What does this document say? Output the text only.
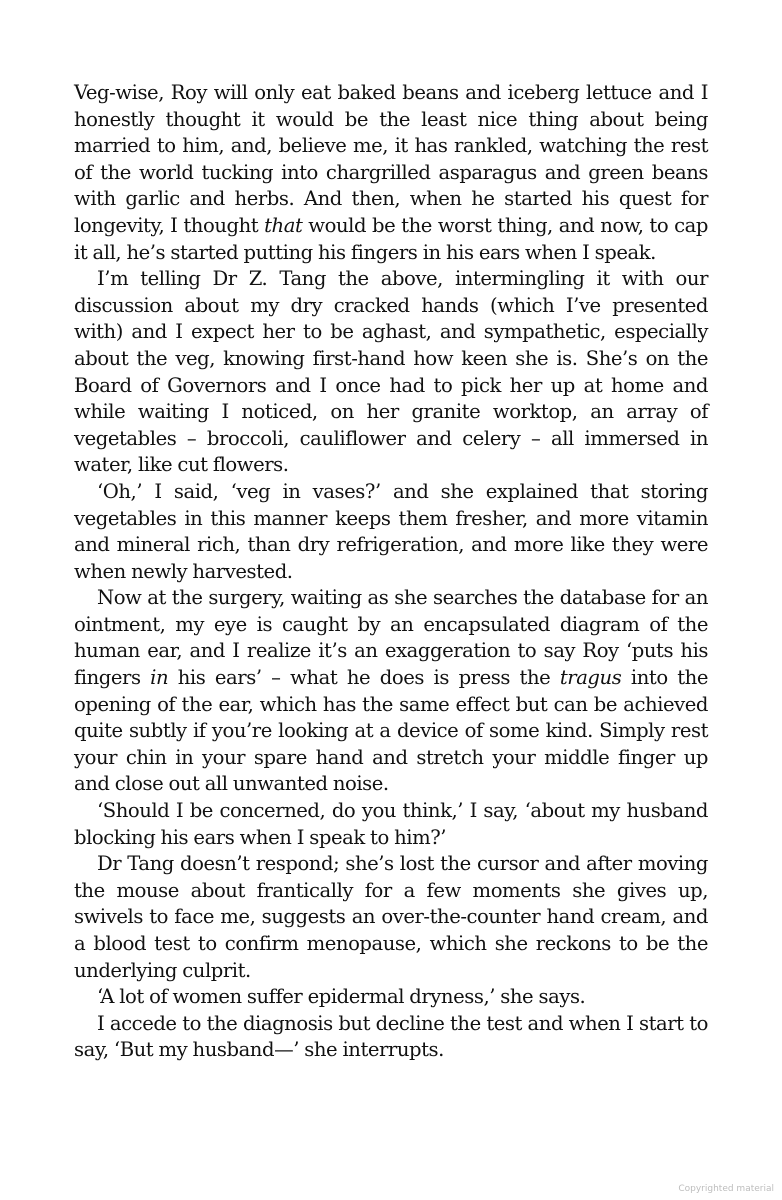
Veg-wise, Roy will only eat baked beans and iceberg lettuce and I honestly thought it would be the least nice thing about being married to him, and, believe me, it has rankled, watching the rest of the world tucking into chargrilled asparagus and green beans with garlic and herbs. And then, when he started his quest for longevity, I thought that would be the worst thing, and now, to cap it all, he’s started putting his fingers in his ears when I speak.

I’m telling Dr Z. Tang the above, intermingling it with our discussion about my dry cracked hands (which I’ve presented with) and I expect her to be aghast, and sympathetic, especially about the veg, knowing first-hand how keen she is. She’s on the Board of Governors and I once had to pick her up at home and while waiting I noticed, on her granite worktop, an array of vegetables – broccoli, cauliflower and celery – all immersed in water, like cut flowers.

‘Oh,’ I said, ‘veg in vases?’ and she explained that storing vegetables in this manner keeps them fresher, and more vitamin and mineral rich, than dry refrigeration, and more like they were when newly harvested.

Now at the surgery, waiting as she searches the database for an ointment, my eye is caught by an encapsulated diagram of the human ear, and I realize it’s an exaggeration to say Roy ‘puts his fingers in his ears’ – what he does is press the tragus into the opening of the ear, which has the same effect but can be achieved quite subtly if you’re looking at a device of some kind. Simply rest your chin in your spare hand and stretch your middle finger up and close out all unwanted noise.

‘Should I be concerned, do you think,’ I say, ‘about my husband blocking his ears when I speak to him?’

Dr Tang doesn’t respond; she’s lost the cursor and after moving the mouse about frantically for a few moments she gives up, swivels to face me, suggests an over-the-counter hand cream, and a blood test to confirm menopause, which she reckons to be the underlying culprit.

‘A lot of women suffer epidermal dryness,’ she says.

I accede to the diagnosis but decline the test and when I start to say, ‘But my husband—’ she interrupts.

Copyrighted material
